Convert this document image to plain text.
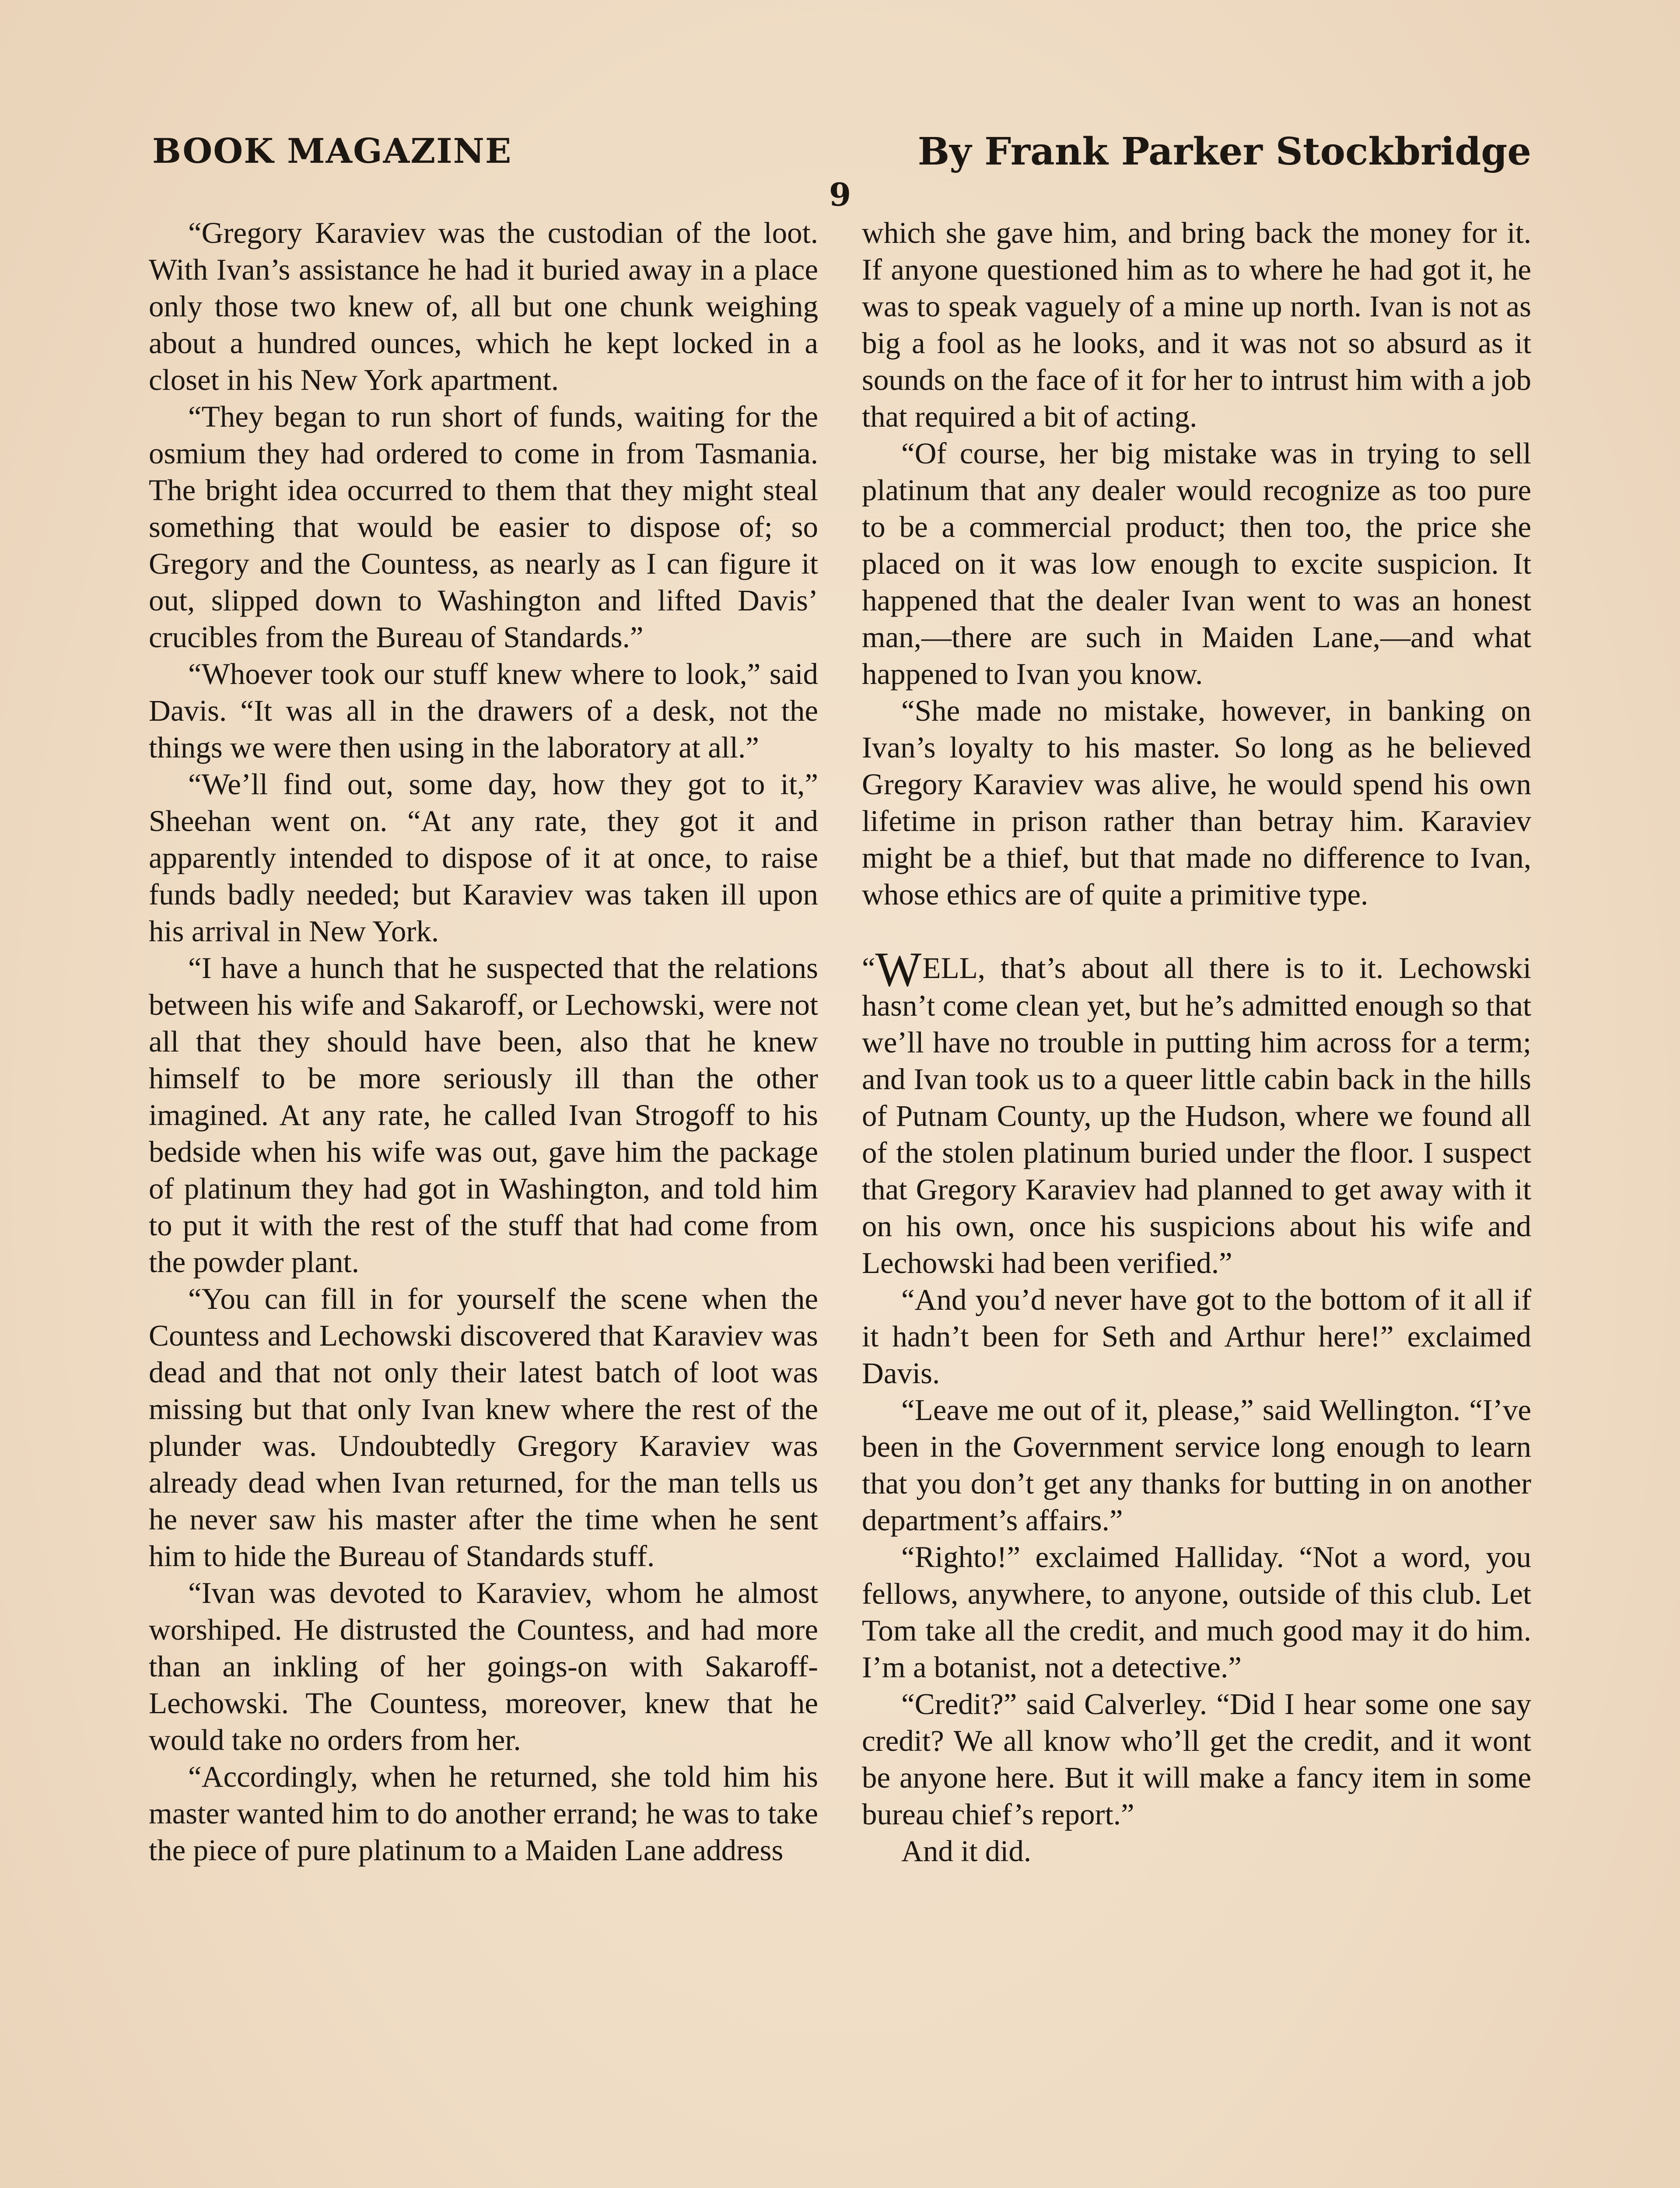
BOOK MAGAZINE	By Frank Parker Stockbridge
9

“Gregory Karaviev was the custodian of the loot. With Ivan’s assistance he had it buried away in a place only those two knew of, all but one chunk weighing about a hundred ounces, which he kept locked in a closet in his New York apartment.

“They began to run short of funds, waiting for the osmium they had ordered to come in from Tasmania. The bright idea occurred to them that they might steal something that would be easier to dispose of; so Gregory and the Countess, as nearly as I can figure it out, slipped down to Washington and lifted Davis’ crucibles from the Bureau of Standards.”

“Whoever took our stuff knew where to look,” said Davis. “It was all in the drawers of a desk, not the things we were then using in the laboratory at all.”

“We’ll find out, some day, how they got to it,” Sheehan went on. “At any rate, they got it and apparently intended to dispose of it at once, to raise funds badly needed; but Karaviev was taken ill upon his arrival in New York.

“I have a hunch that he suspected that the relations between his wife and Sakaroff, or Lechowski, were not all that they should have been, also that he knew himself to be more seriously ill than the other imagined. At any rate, he called Ivan Strogoff to his bedside when his wife was out, gave him the package of platinum they had got in Washington, and told him to put it with the rest of the stuff that had come from the powder plant.

“You can fill in for yourself the scene when the Countess and Lechowski discovered that Karaviev was dead and that not only their latest batch of loot was missing but that only Ivan knew where the rest of the plunder was. Undoubtedly Gregory Karaviev was already dead when Ivan returned, for the man tells us he never saw his master after the time when he sent him to hide the Bureau of Standards stuff.

“Ivan was devoted to Karaviev, whom he almost worshiped. He distrusted the Countess, and had more than an inkling of her goings-on with Sakaroff-Lechowski. The Countess, moreover, knew that he would take no orders from her.

“Accordingly, when he returned, she told him his master wanted him to do another errand; he was to take the piece of pure platinum to a Maiden Lane address

which she gave him, and bring back the money for it. If anyone questioned him as to where he had got it, he was to speak vaguely of a mine up north. Ivan is not as big a fool as he looks, and it was not so absurd as it sounds on the face of it for her to intrust him with a job that required a bit of acting.

“Of course, her big mistake was in trying to sell platinum that any dealer would recognize as too pure to be a commercial product; then too, the price she placed on it was low enough to excite suspicion. It happened that the dealer Ivan went to was an honest man,—there are such in Maiden Lane,—and what happened to Ivan you know.

“She made no mistake, however, in banking on Ivan’s loyalty to his master. So long as he believed Gregory Karaviev was alive, he would spend his own lifetime in prison rather than betray him. Karaviev might be a thief, but that made no difference to Ivan, whose ethics are of quite a primitive type.

“WELL, that’s about all there is to it. Lechowski hasn’t come clean yet, but he’s admitted enough so that we’ll have no trouble in putting him across for a term; and Ivan took us to a queer little cabin back in the hills of Putnam County, up the Hudson, where we found all of the stolen platinum buried under the floor. I suspect that Gregory Karaviev had planned to get away with it on his own, once his suspicions about his wife and Lechowski had been verified.”

“And you’d never have got to the bottom of it all if it hadn’t been for Seth and Arthur here!” exclaimed Davis.

“Leave me out of it, please,” said Wellington. “I’ve been in the Government service long enough to learn that you don’t get any thanks for butting in on another department’s affairs.”

“Righto!” exclaimed Halliday. “Not a word, you fellows, anywhere, to anyone, outside of this club. Let Tom take all the credit, and much good may it do him. I’m a botanist, not a detective.”

“Credit?” said Calverley. “Did I hear some one say credit? We all know who’ll get the credit, and it wont be anyone here. But it will make a fancy item in some bureau chief’s report.”

And it did.
